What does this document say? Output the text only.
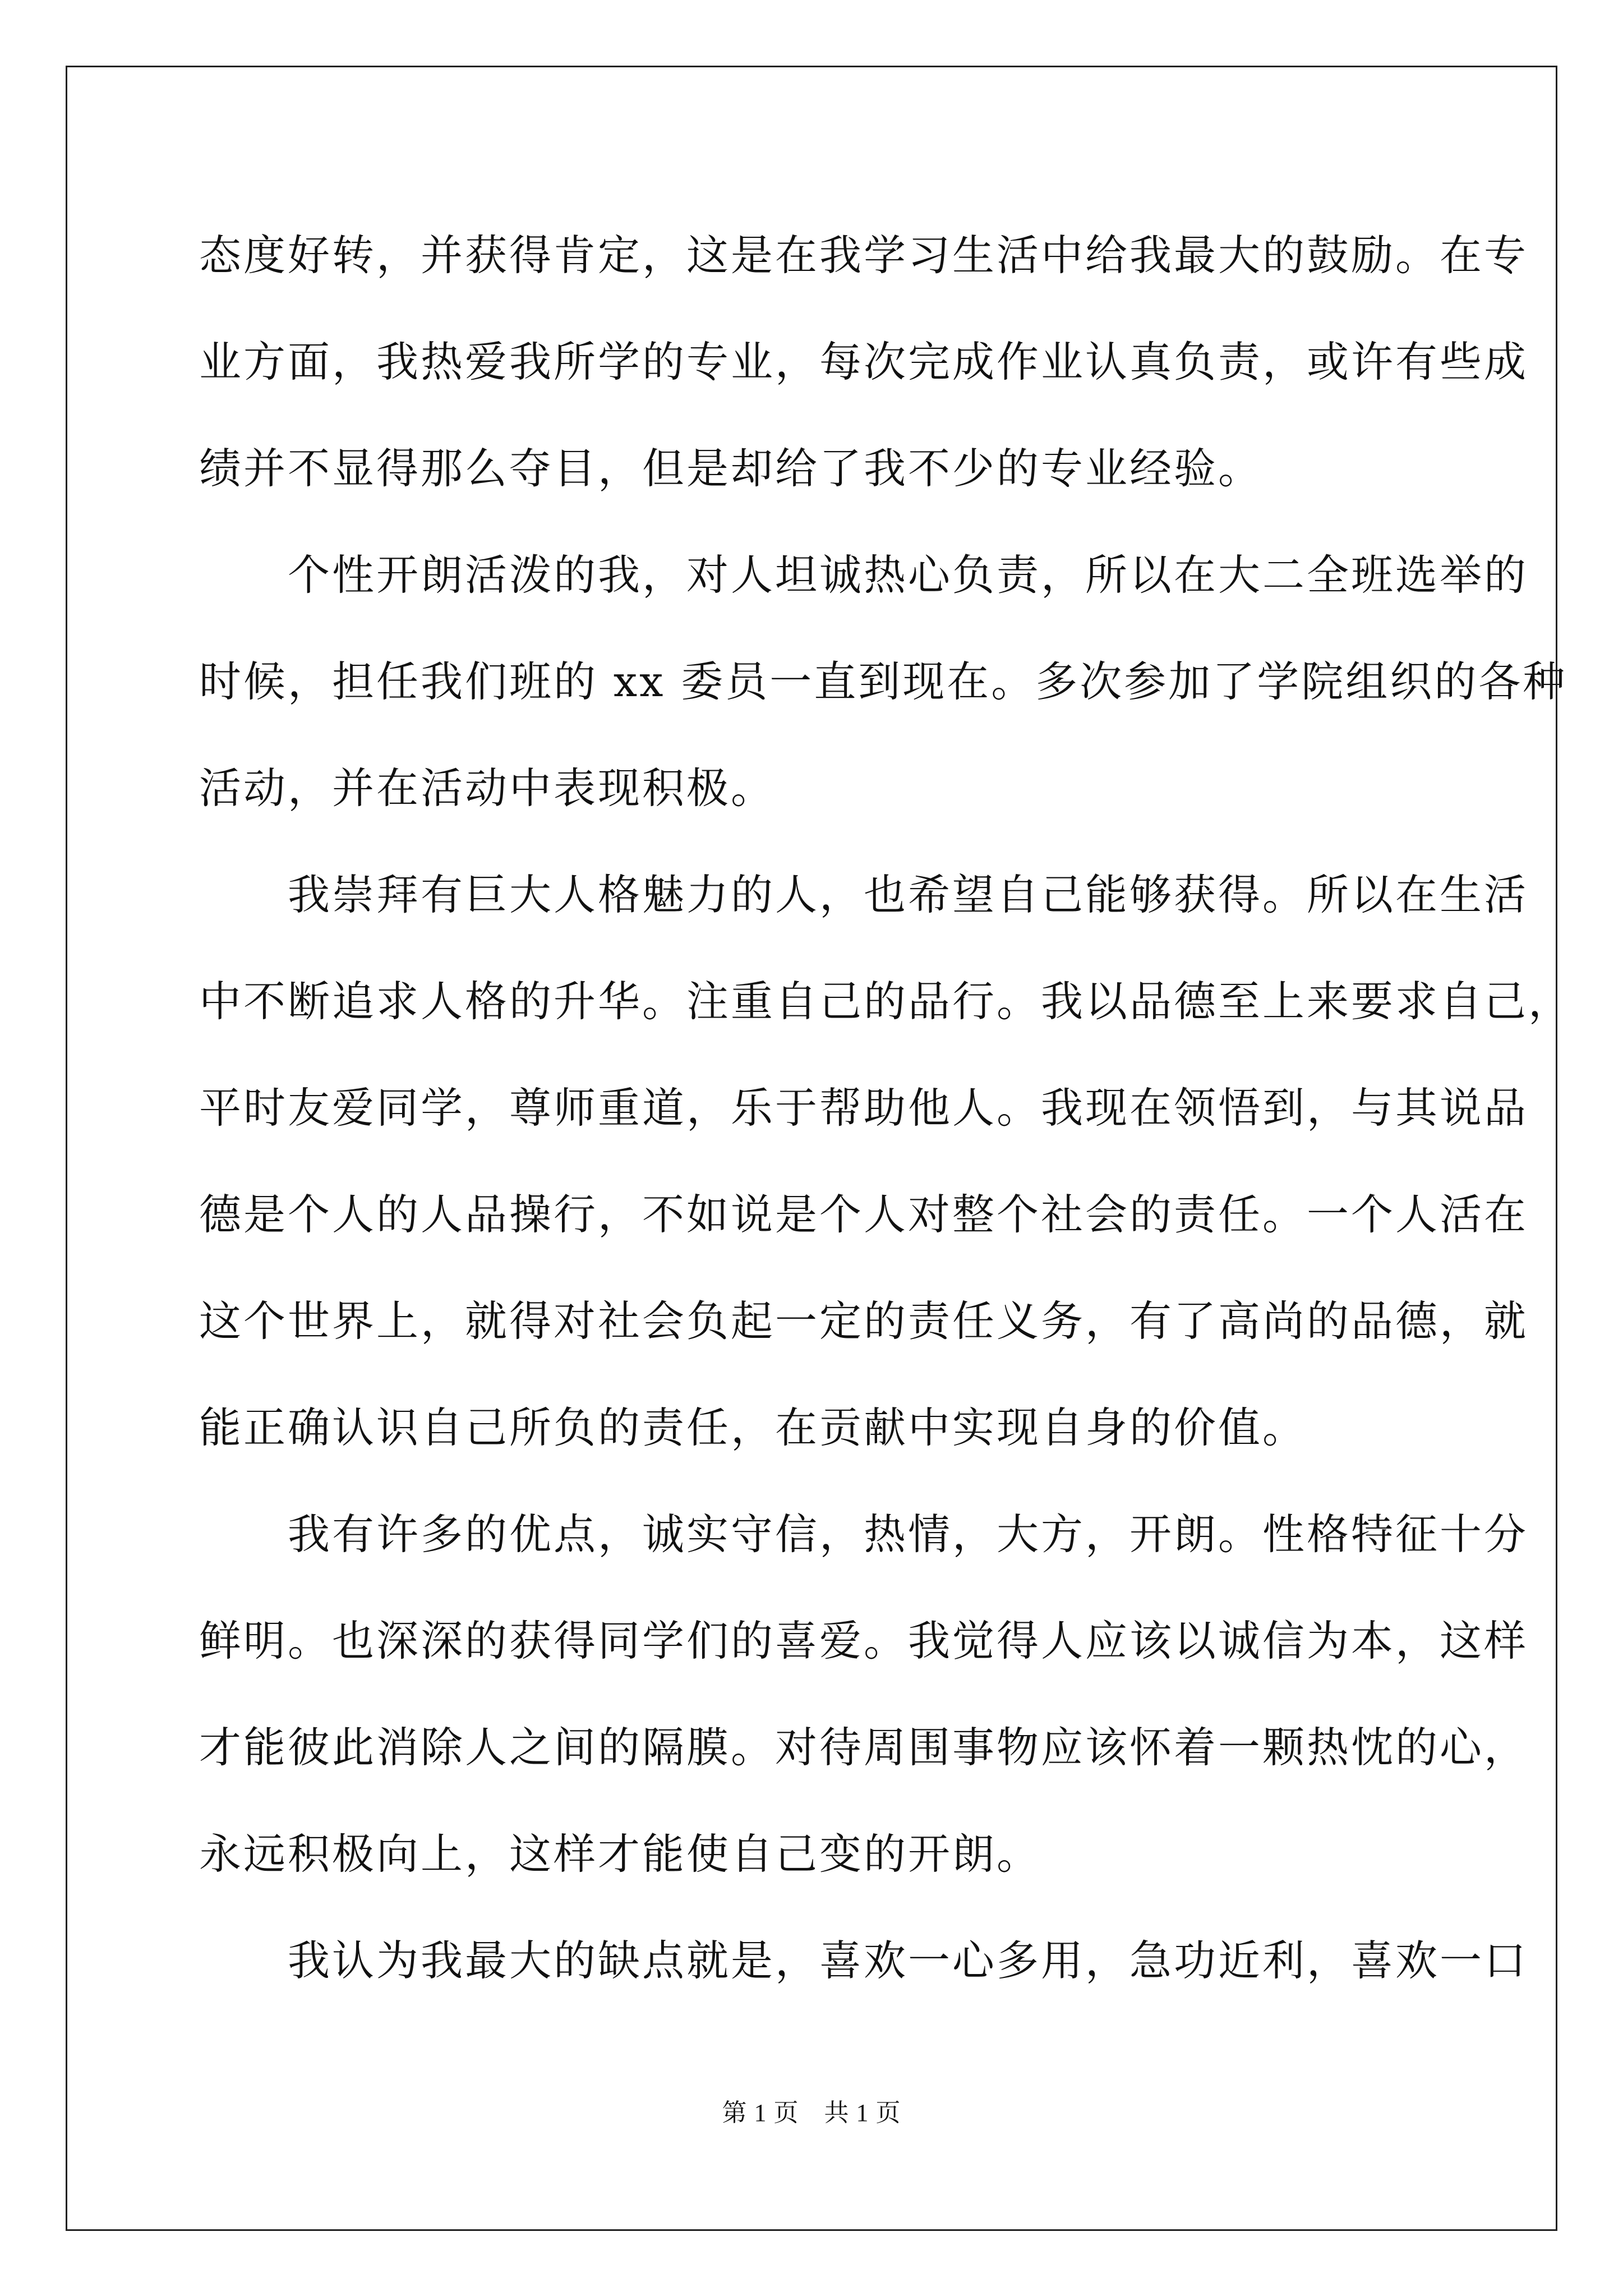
态度好转，并获得肯定，这是在我学习生活中给我最大的鼓励。在专
业方面，我热爱我所学的专业，每次完成作业认真负责，或许有些成
绩并不显得那么夺目，但是却给了我不少的专业经验。
　　个性开朗活泼的我，对人坦诚热心负责，所以在大二全班选举的
时候，担任我们班的 xx 委员一直到现在。多次参加了学院组织的各种
活动，并在活动中表现积极。
　　我崇拜有巨大人格魅力的人，也希望自己能够获得。所以在生活
中不断追求人格的升华。注重自己的品行。我以品德至上来要求自己，
平时友爱同学，尊师重道，乐于帮助他人。我现在领悟到，与其说品
德是个人的人品操行，不如说是个人对整个社会的责任。一个人活在
这个世界上，就得对社会负起一定的责任义务，有了高尚的品德，就
能正确认识自己所负的责任，在贡献中实现自身的价值。
　　我有许多的优点，诚实守信，热情，大方，开朗。性格特征十分
鲜明。也深深的获得同学们的喜爱。我觉得人应该以诚信为本，这样
才能彼此消除人之间的隔膜。对待周围事物应该怀着一颗热忱的心，
永远积极向上，这样才能使自己变的开朗。
　　我认为我最大的缺点就是，喜欢一心多用，急功近利，喜欢一口
第 1 页　共 1 页
